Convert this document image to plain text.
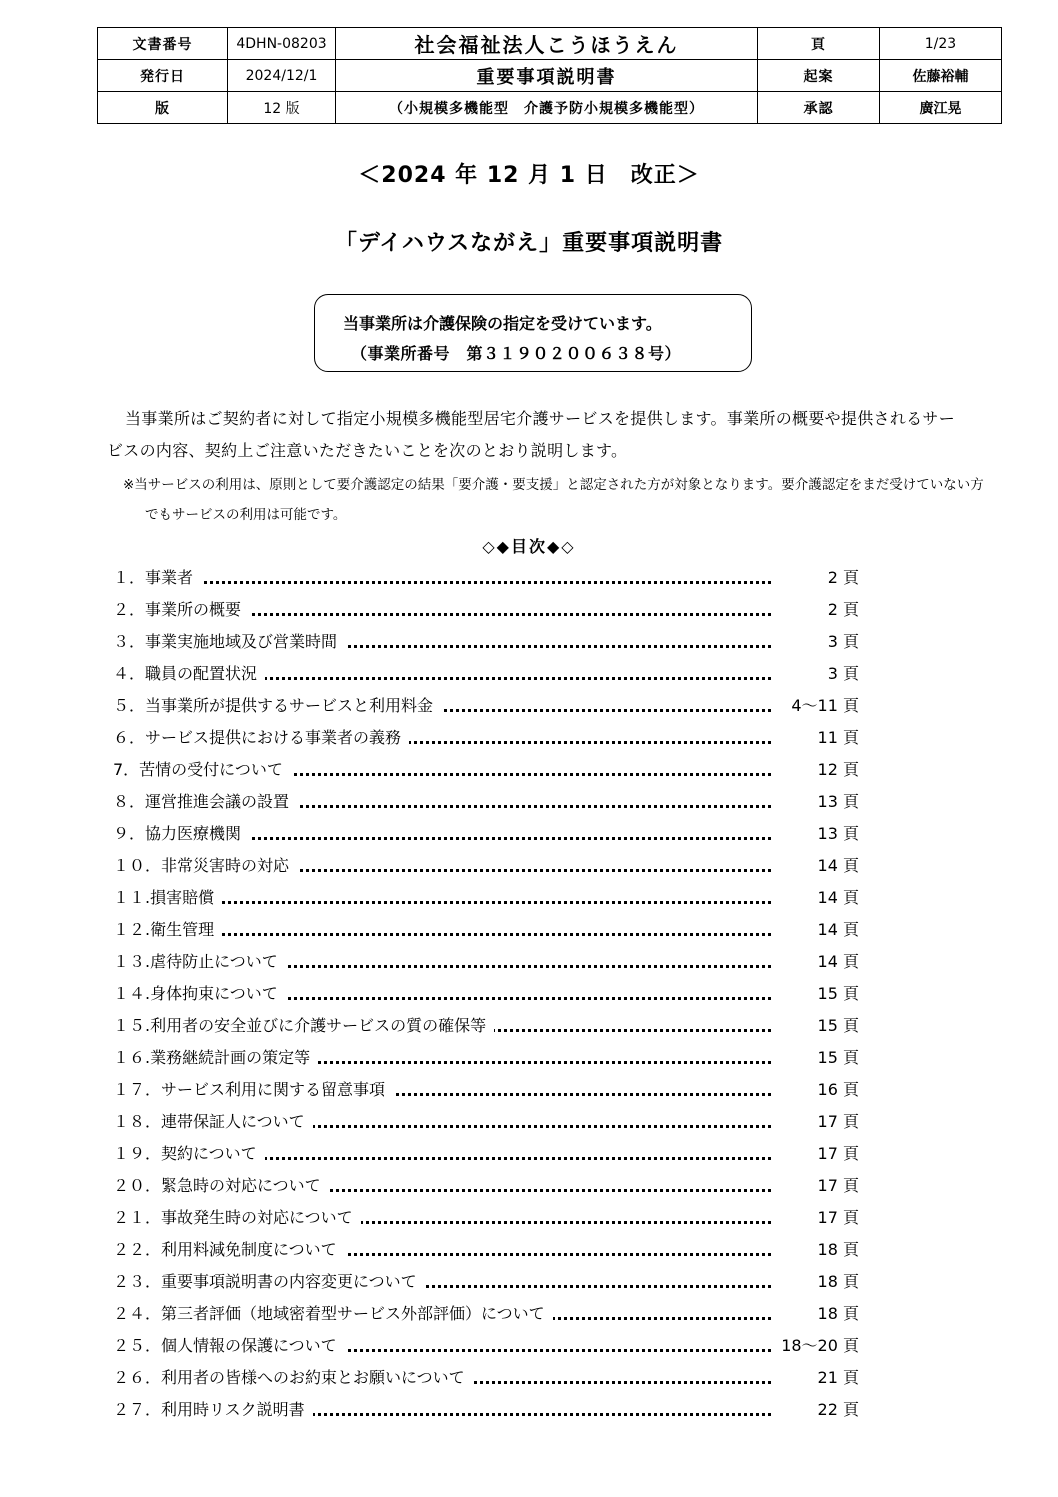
文書番号	4DHN-08203	社会福祉法人こうほうえん	頁	1/23
発行日	2024/12/1	重要事項説明書	起案	佐藤裕輔
版	12 版	（小規模多機能型　介護予防小規模多機能型）	承認	廣江晃
＜2024 年 12 月 1 日　改正＞
「デイハウスながえ」重要事項説明書
当事業所は介護保険の指定を受けています。
（事業所番号　第３１９０２００６３８号）
当事業所はご契約者に対して指定小規模多機能型居宅介護サービスを提供します。事業所の概要や提供されるサービスの内容、契約上ご注意いただきたいことを次のとおり説明します。
※当サービスの利用は、原則として要介護認定の結果「要介護・要支援」と認定された方が対象となります。要介護認定をまだ受けていない方でもサービスの利用は可能です。
◇◆目次◆◇
１．事業者	2 頁
２．事業所の概要	2 頁
３．事業実施地域及び営業時間	3 頁
４．職員の配置状況	3 頁
５．当事業所が提供するサービスと利用料金	4～11 頁
６．サービス提供における事業者の義務	11 頁
7．苦情の受付について	12 頁
８．運営推進会議の設置	13 頁
９．協力医療機関	13 頁
１０．非常災害時の対応	14 頁
１１.損害賠償	14 頁
１２.衛生管理	14 頁
１３.虐待防止について	14 頁
１４.身体拘束について	15 頁
１５.利用者の安全並びに介護サービスの質の確保等	15 頁
１６.業務継続計画の策定等	15 頁
１７．サービス利用に関する留意事項	16 頁
１８．連帯保証人について	17 頁
１９．契約について	17 頁
２０．緊急時の対応について	17 頁
２１．事故発生時の対応について	17 頁
２２．利用料減免制度について	18 頁
２３．重要事項説明書の内容変更について	18 頁
２４．第三者評価（地域密着型サービス外部評価）について	18 頁
２５．個人情報の保護について	18～20 頁
２６．利用者の皆様へのお約束とお願いについて	21 頁
２７．利用時リスク説明書	22 頁
